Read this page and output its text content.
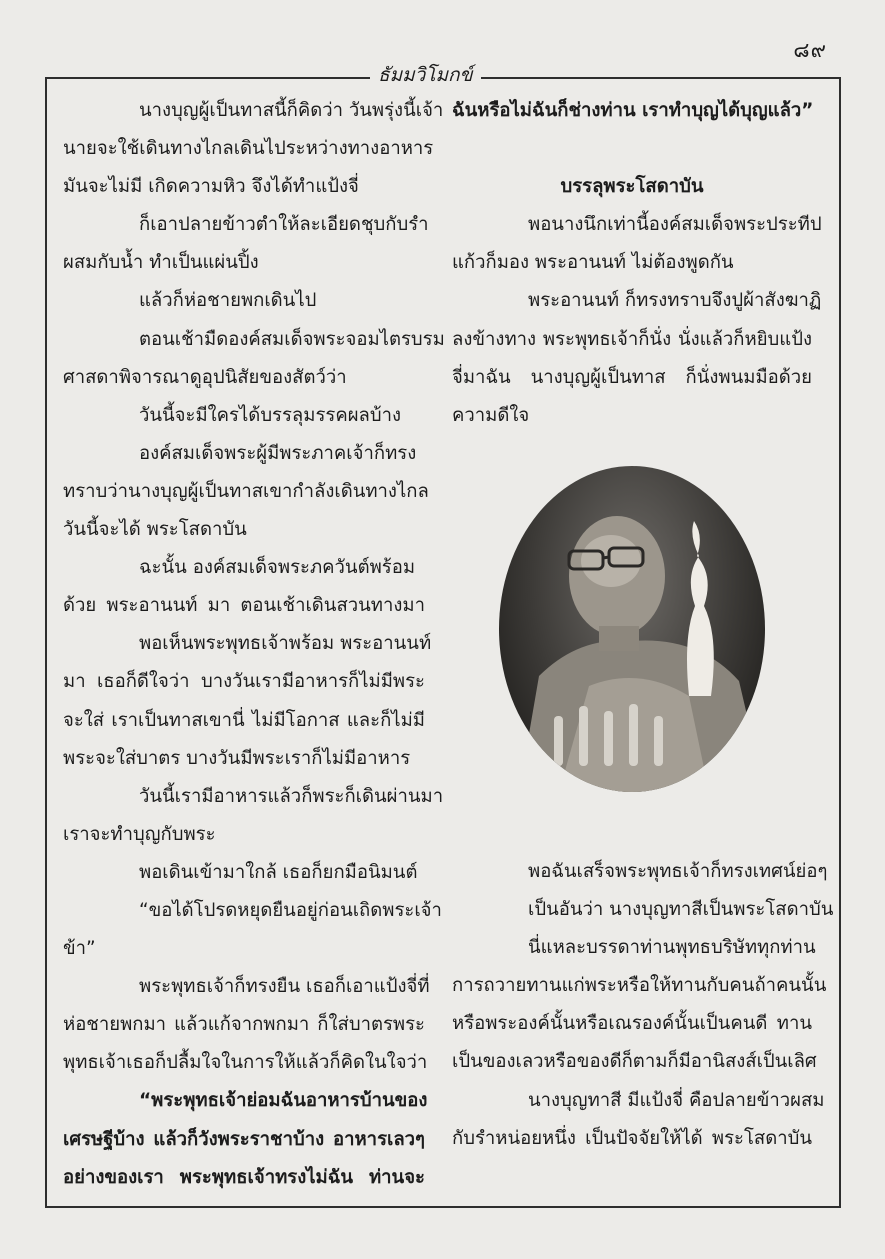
๘๙
ธัมมวิโมกข์
นางบุญผู้เป็นทาสนี้ก็คิดว่า วันพรุ่งนี้เจ้า
นายจะใช้เดินทางไกล เดินไประหว่างทางอาหาร
มันจะไม่มี เกิดความหิว จึงได้ทำแป้งจี่
ก็เอาปลายข้าวตำให้ละเอียดชุบกับรำ
ผสมกับน้ำ ทำเป็นแผ่นปิ้ง
แล้วก็ห่อชายพกเดินไป
ตอนเช้ามืดองค์สมเด็จพระจอมไตรบรม
ศาสดาพิจารณาดูอุปนิสัยของสัตว์ว่า
วันนี้จะมีใครได้บรรลุมรรคผลบ้าง
องค์สมเด็จพระผู้มีพระภาคเจ้าก็ทรง
ทราบว่า นางบุญผู้เป็นทาสเขากำลังเดินทางไกล
วันนี้จะได้ พระโสดาบัน
ฉะนั้น องค์สมเด็จพระภควันต์พร้อม
ด้วย พระอานนท์ มา ตอนเช้าเดินสวนทางมา
พอเห็นพระพุทธเจ้าพร้อม พระอานนท์
มา เธอก็ดีใจว่า บางวันเรามีอาหารก็ไม่มีพระ
จะใส่ เราเป็นทาสเขานี่ ไม่มีโอกาส และก็ไม่มี
พระจะใส่บาตร บางวันมีพระเราก็ไม่มีอาหาร
วันนี้เรามีอาหารแล้วก็พระก็เดินผ่านมา
เราจะทำบุญกับพระ
พอเดินเข้ามาใกล้ เธอก็ยกมือนิมนต์
“ขอได้โปรดหยุดยืนอยู่ก่อนเถิดพระเจ้า
ข้า”
พระพุทธเจ้าก็ทรงยืน เธอก็เอาแป้งจี่ที่
ห่อชายพกมา แล้วแก้จากพกมา ก็ใส่บาตรพระ
พุทธเจ้า เธอก็ปลื้มใจในการให้แล้วก็คิดในใจว่า
“พระพุทธเจ้าย่อมฉันอาหารบ้านของ
เศรษฐีบ้าง แล้วก็วังพระราชาบ้าง อาหารเลวๆ
อย่างของเรา พระพุทธเจ้าทรงไม่ฉัน ท่านจะ
ฉันหรือไม่ฉันก็ช่างท่าน เราทำบุญได้บุญแล้ว”
บรรลุพระโสดาบัน
พอนางนึกเท่านี้องค์สมเด็จพระประทีป
แก้วก็มอง พระอานนท์ ไม่ต้องพูดกัน
พระอานนท์ ก็ทรงทราบจึงปูผ้าสังฆาฏิ
ลงข้างทาง พระพุทธเจ้าก็นั่ง นั่งแล้วก็หยิบแป้ง
จี่มาฉัน นางบุญผู้เป็นทาส ก็นั่งพนมมือด้วย
ความดีใจ
พอฉันเสร็จพระพุทธเจ้าก็ทรงเทศน์ย่อๆ
เป็นอันว่า นางบุญทาสีเป็นพระโสดาบัน
นี่แหละบรรดาท่านพุทธบริษัททุกท่าน
การถวายทานแก่พระหรือให้ทานกับคน ถ้าคนนั้น
หรือพระองค์นั้นหรือเณรองค์นั้นเป็นคนดี ทาน
เป็นของเลวหรือของดีก็ตาม ก็มีอานิสงส์เป็นเลิศ
นางบุญทาสี มีแป้งจี่ คือปลายข้าวผสม
กับรำหน่อยหนึ่ง เป็นปัจจัยให้ได้ พระโสดาบัน
